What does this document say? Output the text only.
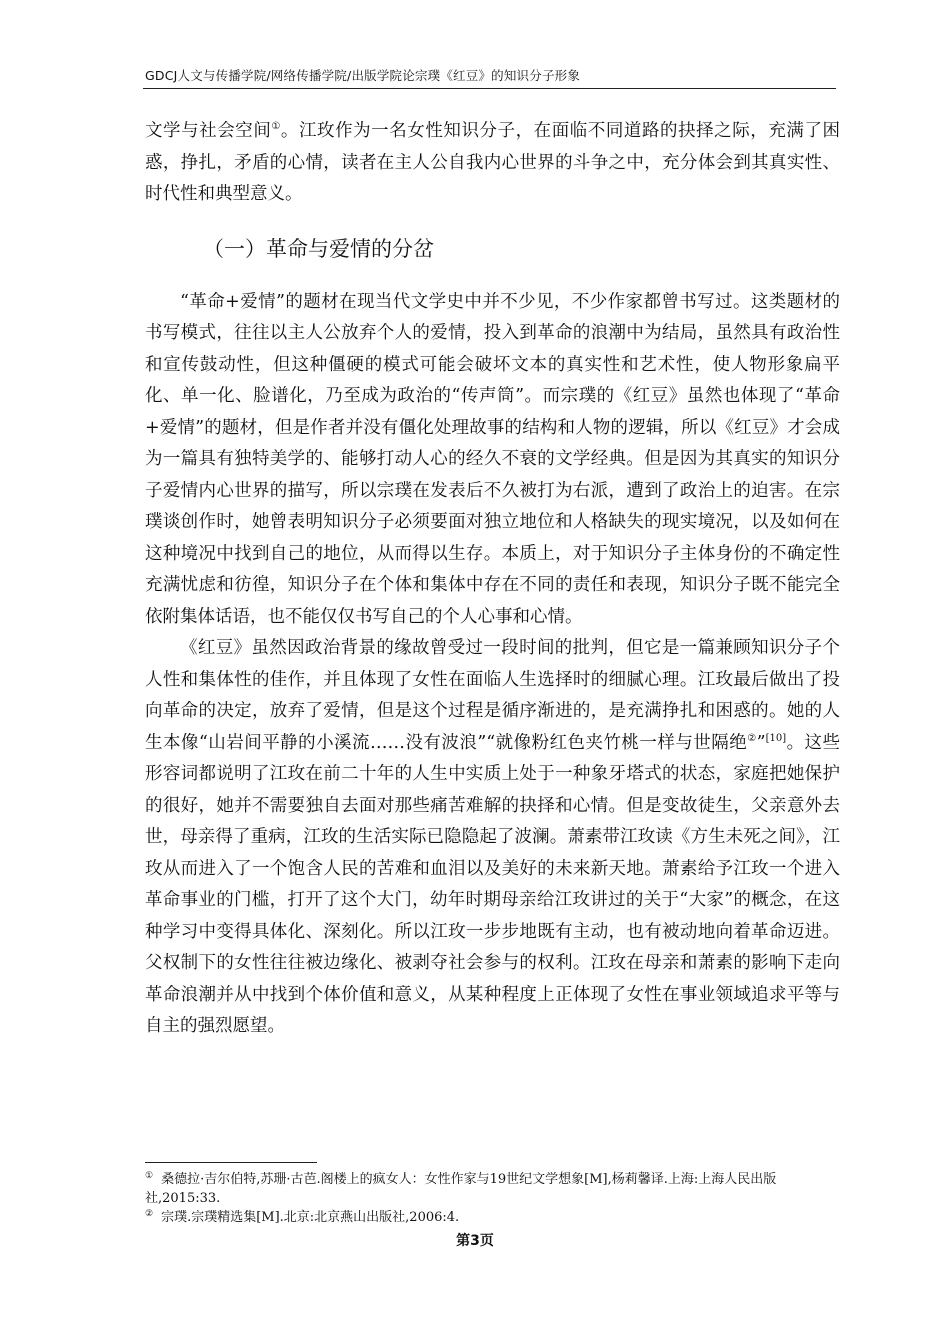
GDCJ人文与传播学院/网络传播学院/出版学院论宗璞《红豆》的知识分子形象

文学与社会空间①。江玫作为一名女性知识分子，在面临不同道路的抉择之际，充满了困惑，挣扎，矛盾的心情，读者在主人公自我内心世界的斗争之中，充分体会到其真实性、时代性和典型意义。

（一）革命与爱情的分岔

“革命+爱情”的题材在现当代文学史中并不少见，不少作家都曾书写过。这类题材的书写模式，往往以主人公放弃个人的爱情，投入到革命的浪潮中为结局，虽然具有政治性和宣传鼓动性，但这种僵硬的模式可能会破坏文本的真实性和艺术性，使人物形象扁平化、单一化、脸谱化，乃至成为政治的“传声筒”。而宗璞的《红豆》虽然也体现了“革命+爱情”的题材，但是作者并没有僵化处理故事的结构和人物的逻辑，所以《红豆》才会成为一篇具有独特美学的、能够打动人心的经久不衰的文学经典。但是因为其真实的知识分子爱情内心世界的描写，所以宗璞在发表后不久被打为右派，遭到了政治上的迫害。在宗璞谈创作时，她曾表明知识分子必须要面对独立地位和人格缺失的现实境况，以及如何在这种境况中找到自己的地位，从而得以生存。本质上，对于知识分子主体身份的不确定性充满忧虑和彷徨，知识分子在个体和集体中存在不同的责任和表现，知识分子既不能完全依附集体话语，也不能仅仅书写自己的个人心事和心情。

《红豆》虽然因政治背景的缘故曾受过一段时间的批判，但它是一篇兼顾知识分子个人性和集体性的佳作，并且体现了女性在面临人生选择时的细腻心理。江玫最后做出了投向革命的决定，放弃了爱情，但是这个过程是循序渐进的，是充满挣扎和困惑的。她的人生本像“山岩间平静的小溪流……没有波浪”“就像粉红色夹竹桃一样与世隔绝②”[10]。这些形容词都说明了江玫在前二十年的人生中实质上处于一种象牙塔式的状态，家庭把她保护的很好，她并不需要独自去面对那些痛苦难解的抉择和心情。但是变故徒生，父亲意外去世，母亲得了重病，江玫的生活实际已隐隐起了波澜。萧素带江玫读《方生未死之间》，江玫从而进入了一个饱含人民的苦难和血泪以及美好的未来新天地。萧素给予江玫一个进入革命事业的门槛，打开了这个大门，幼年时期母亲给江玫讲过的关于“大家”的概念，在这种学习中变得具体化、深刻化。所以江玫一步步地既有主动，也有被动地向着革命迈进。父权制下的女性往往被边缘化、被剥夺社会参与的权利。江玫在母亲和萧素的影响下走向革命浪潮并从中找到个体价值和意义，从某种程度上正体现了女性在事业领域追求平等与自主的强烈愿望。

① 桑德拉·吉尔伯特,苏珊·古芭.阁楼上的疯女人：女性作家与19世纪文学想象[M],杨莉馨译.上海:上海人民出版社,2015:33.

② 宗璞.宗璞精选集[M].北京:北京燕山出版社,2006:4.

第3页
